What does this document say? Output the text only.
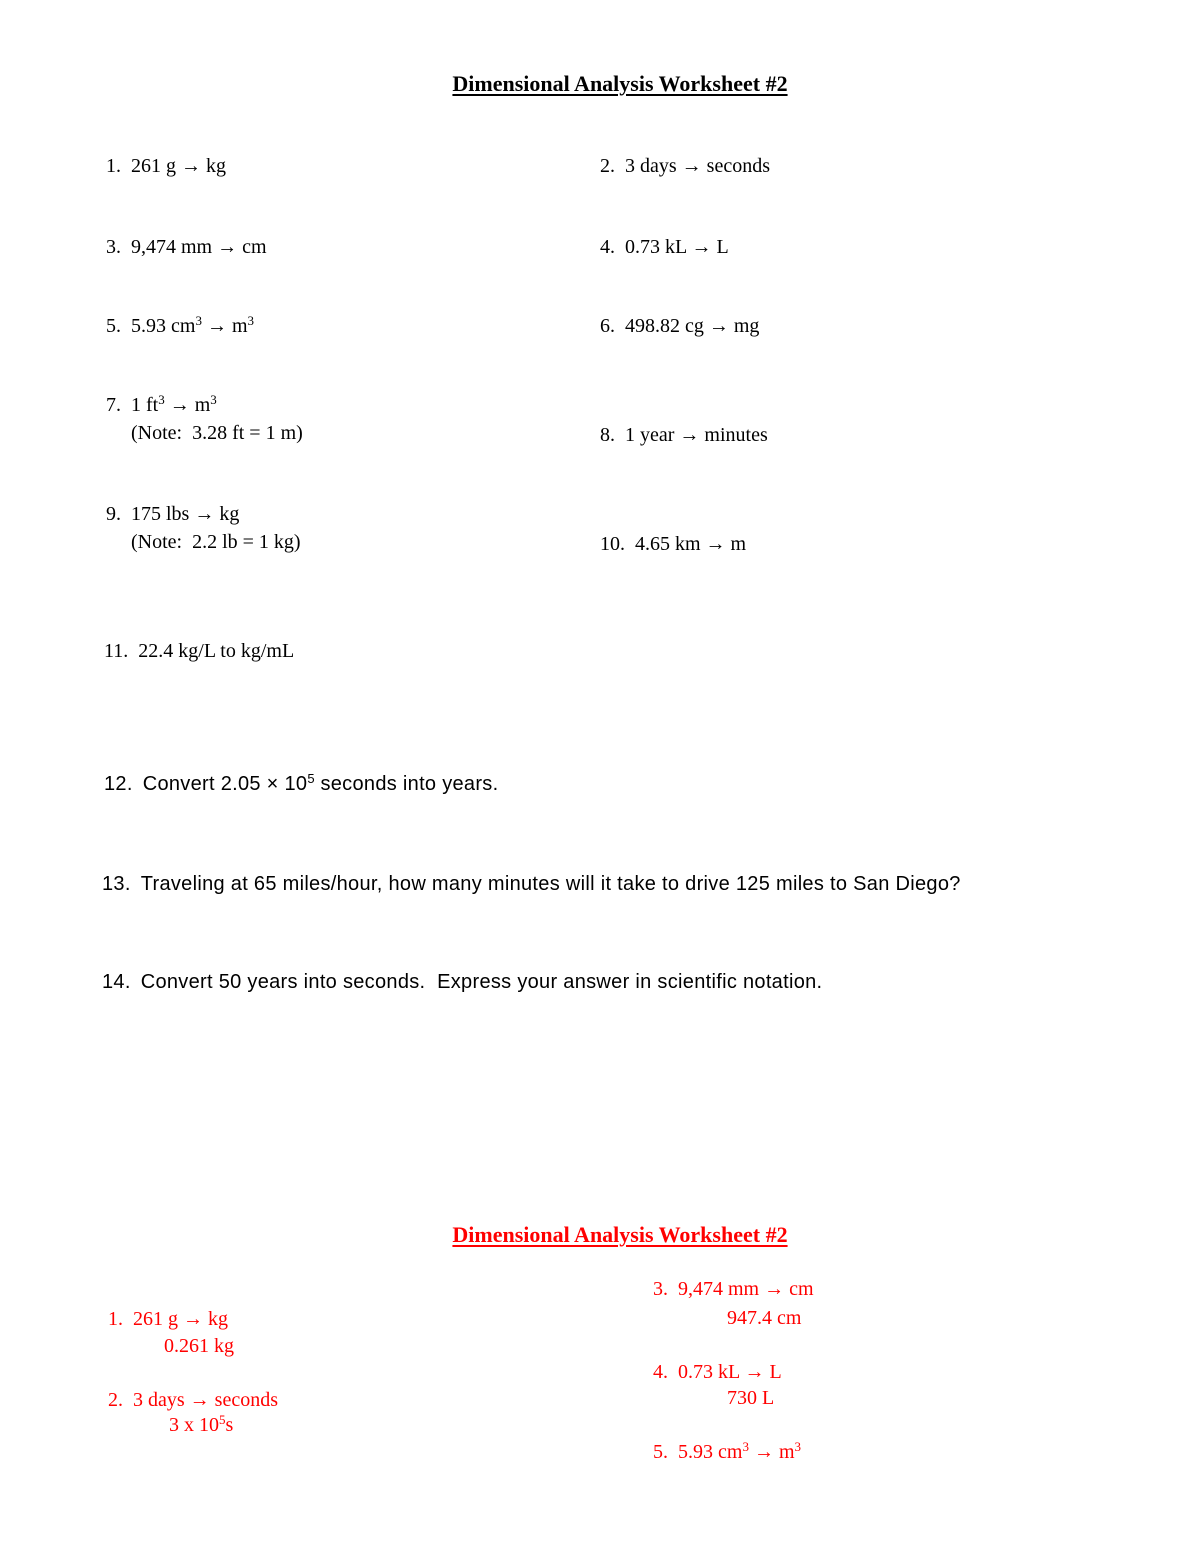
Dimensional Analysis Worksheet #2
1. 261 g → kg	2. 3 days → seconds
3. 9,474 mm → cm	4. 0.73 kL → L
5. 5.93 $cm^3 \to m^3$	6. 498.82 cg → mg
7. 1 $ft^3 \to m^3$
(Note:  3.28 ft = 1 m)	8. 1 year → minutes
9. 175 lbs → kg
(Note:  2.2 lb = 1 kg)	10. 4.65 km → m
11. 22.4 kg/L to kg/mL
12. Convert $2.05 \times 10^5$ seconds into years.
13. Traveling at 65 miles/hour, how many minutes will it take to drive 125 miles to San Diego?
14. Convert 50 years into seconds.  Express your answer in scientific notation.
Dimensional Analysis Worksheet #2
1. 261 g → kg
0.261 kg
2. 3 days → seconds
3 x $10^5s$
3. 9,474 mm → cm
947.4 cm
4. 0.73 kL → L
730 L
5. 5.93 $cm^3 \to m^3$
